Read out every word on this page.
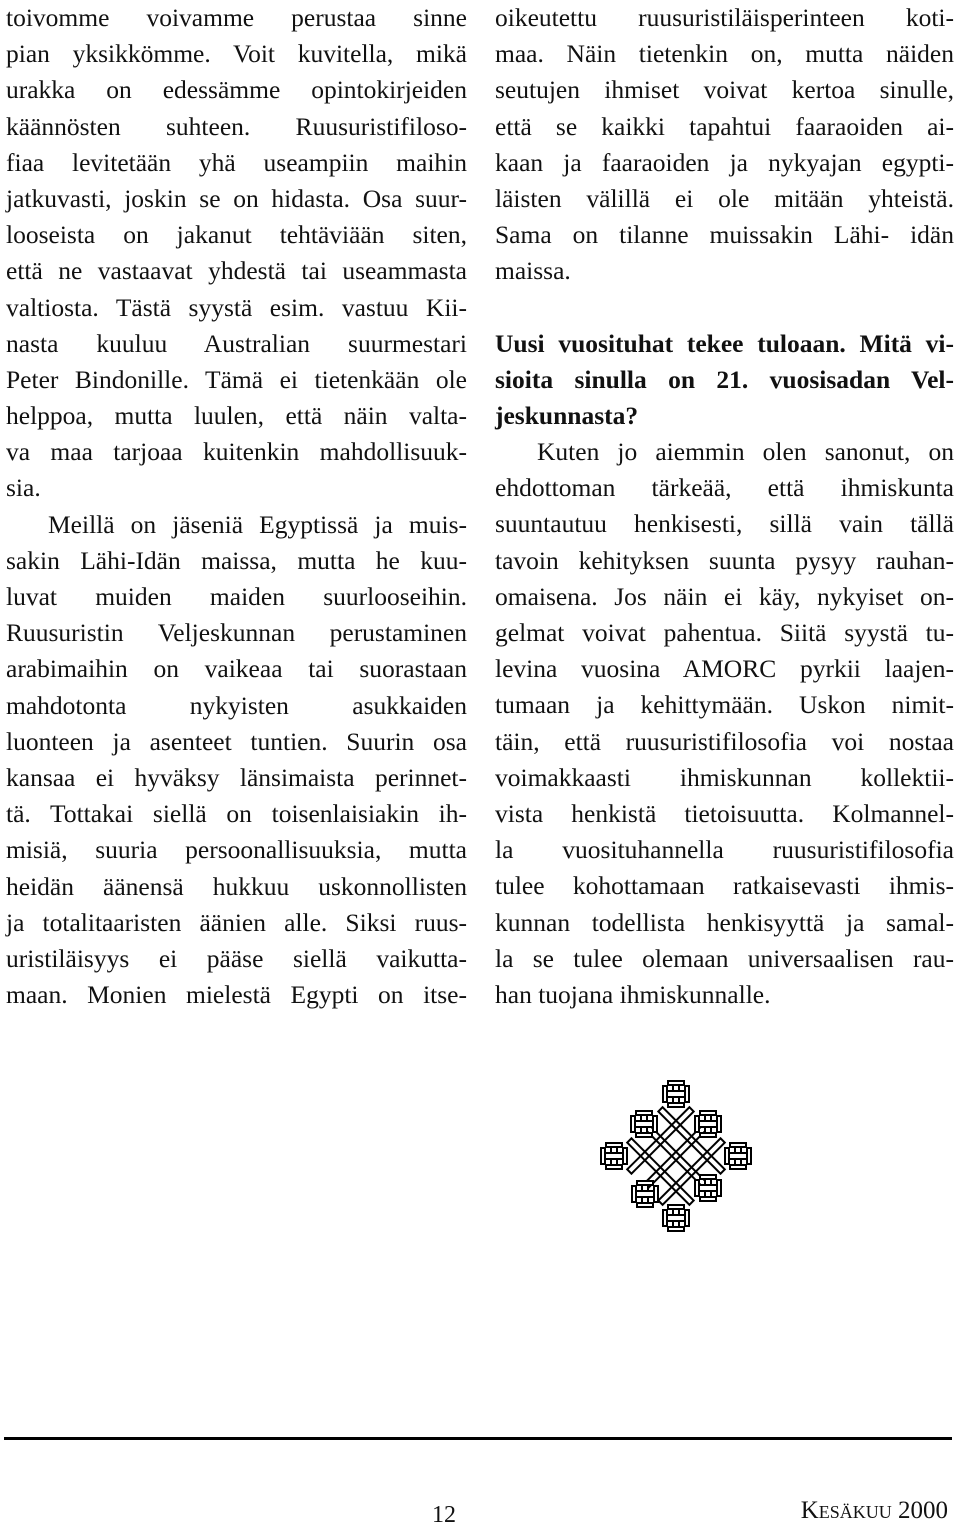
toivomme voivamme perustaa sinne
pian yksikkömme. Voit kuvitella, mikä
urakka on edessämme opintokirjeiden
käännösten suhteen. Ruusuristifiloso-
fiaa levitetään yhä useampiin maihin
jatkuvasti, joskin se on hidasta. Osa suur-
looseista on jakanut tehtäviään siten,
että ne vastaavat yhdestä tai useammasta
valtiosta. Tästä syystä esim. vastuu Kii-
nasta kuuluu Australian suurmestari
Peter Bindonille. Tämä ei tietenkään ole
helppoa, mutta luulen, että näin valta-
va maa tarjoaa kuitenkin mahdollisuuk-
sia.
Meillä on jäseniä Egyptissä ja muis-
sakin Lähi-Idän maissa, mutta he kuu-
luvat muiden maiden suurlooseihin.
Ruusuristin Veljeskunnan perustaminen
arabimaihin on vaikeaa tai suorastaan
mahdotonta nykyisten asukkaiden
luonteen ja asenteet tuntien. Suurin osa
kansaa ei hyväksy länsimaista perinnet-
tä. Tottakai siellä on toisenlaisiakin ih-
misiä, suuria persoonallisuuksia, mutta
heidän äänensä hukkuu uskonnollisten
ja totalitaaristen äänien alle. Siksi ruus-
uristiläisyys ei pääse siellä vaikutta-
maan. Monien mielestä Egypti on itse-
oikeutettu ruusuristiläisperinteen koti-
maa. Näin tietenkin on, mutta näiden
seutujen ihmiset voivat kertoa sinulle,
että se kaikki tapahtui faaraoiden ai-
kaan ja faaraoiden ja nykyajan egypti-
läisten välillä ei ole mitään yhteistä.
Sama on tilanne muissakin Lähi- idän
maissa.
Uusi vuosituhat tekee tuloaan. Mitä vi-
sioita sinulla on 21. vuosisadan Vel-
jeskunnasta?
Kuten jo aiemmin olen sanonut, on
ehdottoman tärkeää, että ihmiskunta
suuntautuu henkisesti, sillä vain tällä
tavoin kehityksen suunta pysyy rauhan-
omaisena. Jos näin ei käy, nykyiset on-
gelmat voivat pahentua. Siitä syystä tu-
levina vuosina AMORC pyrkii laajen-
tumaan ja kehittymään. Uskon nimit-
täin, että ruusuristifilosofia voi nostaa
voimakkaasti ihmiskunnan kollektii-
vista henkistä tietoisuutta. Kolmannel-
la vuosituhannella ruusuristifilosofia
tulee kohottamaan ratkaisevasti ihmis-
kunnan todellista henkisyyttä ja samal-
la se tulee olemaan universaalisen rau-
han tuojana ihmiskunnalle.
12	Kesäkuu 2000
